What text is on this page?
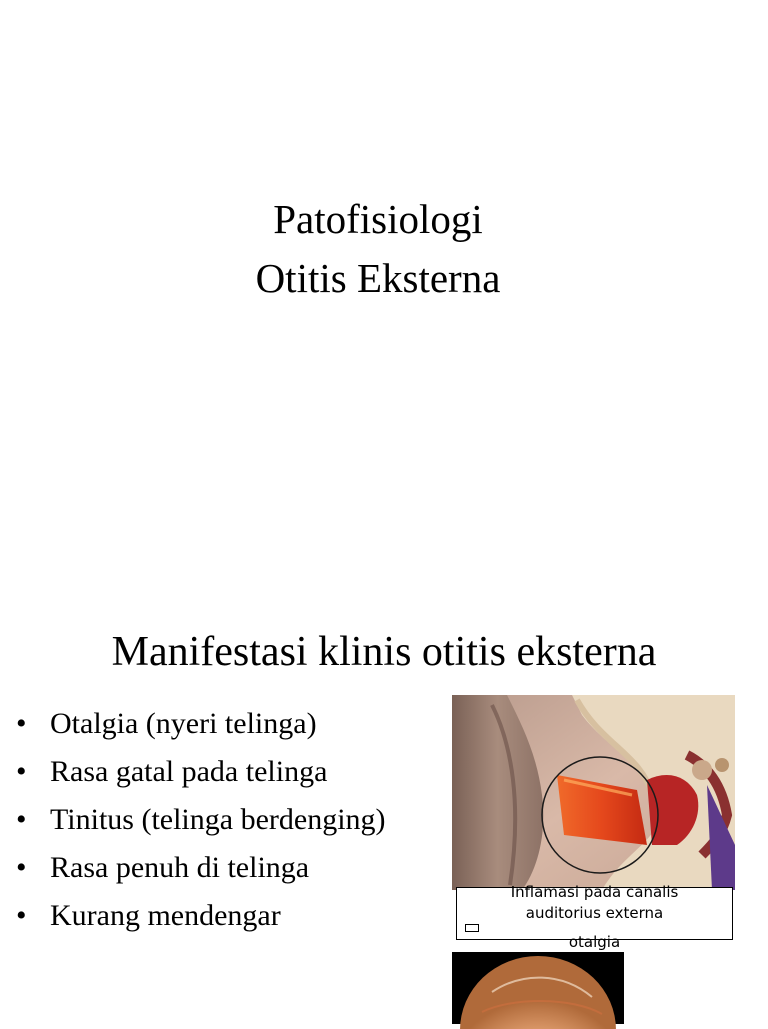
Patofisiologi
Otitis Eksterna
Manifestasi klinis otitis eksterna
• Otalgia (nyeri telinga)
• Rasa gatal pada telinga
• Tinitus (telinga berdenging)
• Rasa penuh di telinga
• Kurang mendengar
Inflamasi pada canalis
auditorius externa
otalgia
